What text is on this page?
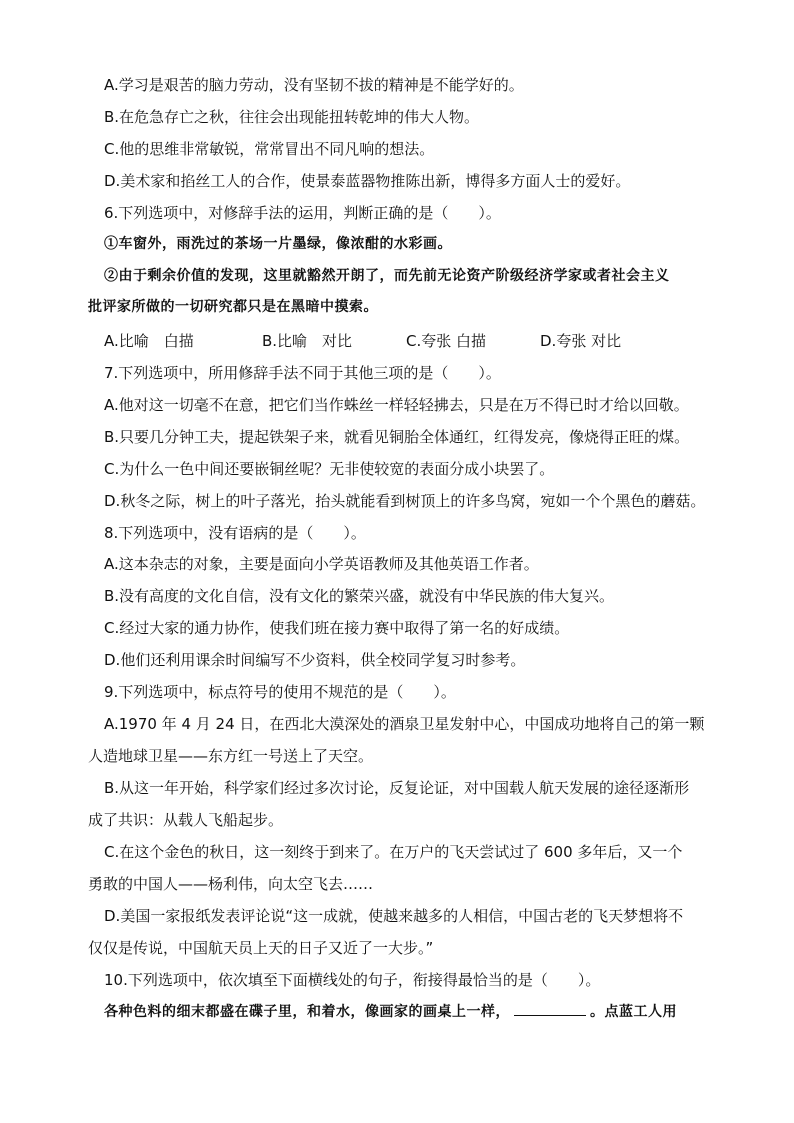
A.学习是艰苦的脑力劳动，没有坚韧不拔的精神是不能学好的。
B.在危急存亡之秋，往往会出现能扭转乾坤的伟大人物。
C.他的思维非常敏锐，常常冒出不同凡响的想法。
D.美术家和掐丝工人的合作，使景泰蓝器物推陈出新，博得多方面人士的爱好。
6.下列选项中，对修辞手法的运用，判断正确的是（　　）。
①车窗外，雨洗过的茶场一片墨绿，像浓酣的水彩画。
②由于剩余价值的发现，这里就豁然开朗了，而先前无论资产阶级经济学家或者社会主义
批评家所做的一切研究都只是在黑暗中摸索。
A.比喻　白描	B.比喻　对比	C.夸张 白描	D.夸张 对比
7.下列选项中，所用修辞手法不同于其他三项的是（　　）。
A.他对这一切毫不在意，把它们当作蛛丝一样轻轻拂去，只是在万不得已时才给以回敬。
B.只要几分钟工夫，提起铁架子来，就看见铜胎全体通红，红得发亮，像烧得正旺的煤。
C.为什么一色中间还要嵌铜丝呢？无非使较宽的表面分成小块罢了。
D.秋冬之际，树上的叶子落光，抬头就能看到树顶上的许多鸟窝，宛如一个个黑色的蘑菇。
8.下列选项中，没有语病的是（　　）。
A.这本杂志的对象，主要是面向小学英语教师及其他英语工作者。
B.没有高度的文化自信，没有文化的繁荣兴盛，就没有中华民族的伟大复兴。
C.经过大家的通力协作，使我们班在接力赛中取得了第一名的好成绩。
D.他们还利用课余时间编写不少资料，供全校同学复习时参考。
9.下列选项中，标点符号的使用不规范的是（　　）。
A.1970 年 4 月 24 日，在西北大漠深处的酒泉卫星发射中心，中国成功地将自己的第一颗
人造地球卫星——东方红一号送上了天空。
B.从这一年开始，科学家们经过多次讨论，反复论证，对中国载人航天发展的途径逐渐形
成了共识：从载人飞船起步。
C.在这个金色的秋日，这一刻终于到来了。在万户的飞天尝试过了 600 多年后，又一个
勇敢的中国人——杨利伟，向太空飞去……
D.美国一家报纸发表评论说“这一成就，使越来越多的人相信，中国古老的飞天梦想将不
仅仅是传说，中国航天员上天的日子又近了一大步。”
10.下列选项中，依次填至下面横线处的句子，衔接得最恰当的是（　　）。
各种色料的细末都盛在碟子里，和着水，像画家的画桌上一样，	。点蓝工人用
